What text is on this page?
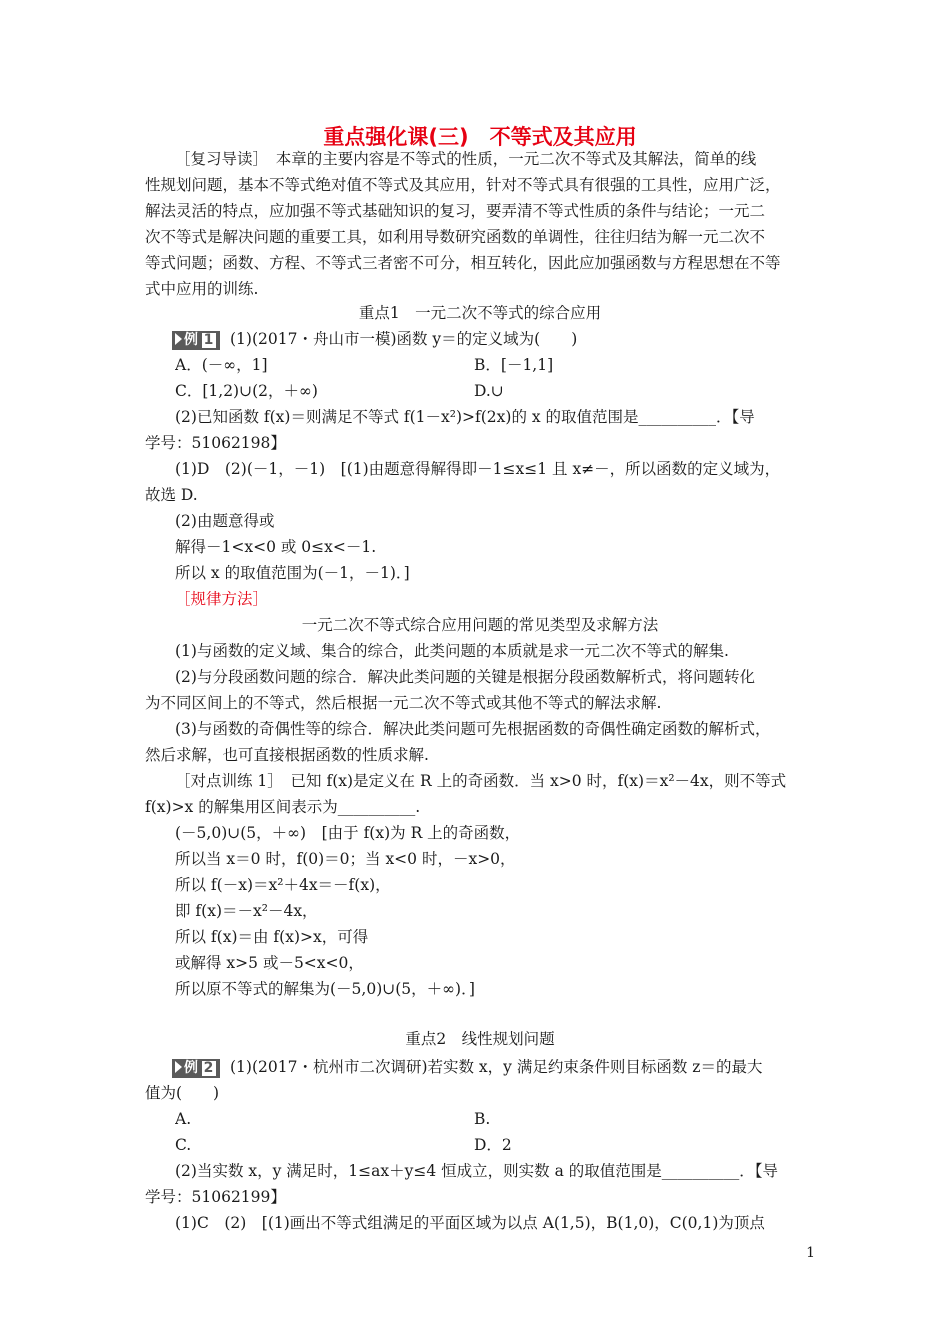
重点强化课(三)　不等式及其应用
［复习导读］　本章的主要内容是不等式的性质，一元二次不等式及其解法，简单的线
性规划问题，基本不等式绝对值不等式及其应用，针对不等式具有很强的工具性，应用广泛，
解法灵活的特点，应加强不等式基础知识的复习，要弄清不等式性质的条件与结论；一元二
次不等式是解决问题的重要工具，如利用导数研究函数的单调性，往往归结为解一元二次不
等式问题；函数、方程、不等式三者密不可分，相互转化，因此应加强函数与方程思想在不等
式中应用的训练.
重点1　一元二次不等式的综合应用
例 1 (1)(2017・舟山市一模)函数 y＝的定义域为(　　)
A．(－∞，1]	B．[－1,1]
C．[1,2)∪(2，＋∞)	D.∪
(2)已知函数 f(x)＝则满足不等式 f(1－x²)>f(2x)的 x 的取值范围是__________．【导
学号：51062198】
(1)D　(2)(－1，－1)　[(1)由题意得解得即－1≤x≤1 且 x≠－，所以函数的定义域为，
故选 D.
(2)由题意得或
解得－1<x<0 或 0≤x<－1.
所以 x 的取值范围为(－1，－1)．]
［规律方法］
一元二次不等式综合应用问题的常见类型及求解方法
(1)与函数的定义域、集合的综合，此类问题的本质就是求一元二次不等式的解集.
(2)与分段函数问题的综合．解决此类问题的关键是根据分段函数解析式，将问题转化
为不同区间上的不等式，然后根据一元二次不等式或其他不等式的解法求解.
(3)与函数的奇偶性等的综合．解决此类问题可先根据函数的奇偶性确定函数的解析式，
然后求解，也可直接根据函数的性质求解.
［对点训练 1］　已知 f(x)是定义在 R 上的奇函数．当 x>0 时，f(x)＝x²－4x，则不等式
f(x)>x 的解集用区间表示为__________.
(－5,0)∪(5，＋∞)　[由于 f(x)为 R 上的奇函数，
所以当 x＝0 时，f(0)＝0；当 x<0 时，－x>0，
所以 f(－x)＝x²＋4x＝－f(x)，
即 f(x)＝－x²－4x，
所以 f(x)＝由 f(x)>x，可得
或解得 x>5 或－5<x<0，
所以原不等式的解集为(－5,0)∪(5，＋∞)．]
重点2　线性规划问题
例 2 (1)(2017・杭州市二次调研)若实数 x，y 满足约束条件则目标函数 z＝的最大
值为(　　)
A.	B.
C.	D．2
(2)当实数 x，y 满足时，1≤ax＋y≤4 恒成立，则实数 a 的取值范围是__________．【导
学号：51062199】
(1)C　(2)　[(1)画出不等式组满足的平面区域为以点 A(1,5)，B(1,0)，C(0,1)为顶点
1
